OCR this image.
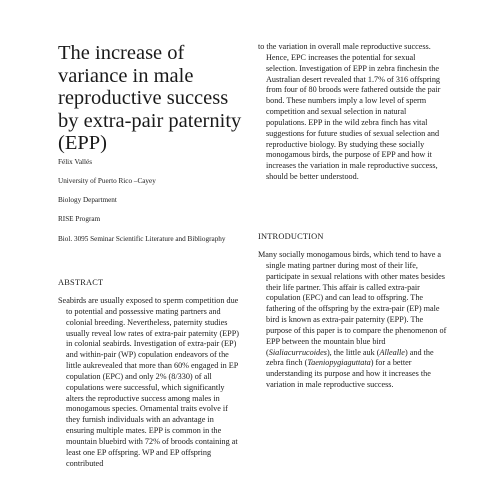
The increase of variance in male reproductive success by extra-pair paternity (EPP)
Félix Vallés
University of Puerto Rico –Cayey
Biology Department
RISE Program
Biol. 3095 Seminar Scientific Literature and Bibliography
ABSTRACT

Seabirds are usually exposed to sperm competition due to potential and possessive mating partners and colonial breeding. Nevertheless, paternity studies usually reveal low rates of extra-pair paternity (EPP) in colonial seabirds. Investigation of extra-pair (EP) and within-pair (WP) copulation endeavors of the little aukrevealed that more than 60% engaged in EP copulation (EPC) and only 2% (8/330) of all copulations were successful, which significantly alters the reproductive success among males in monogamous species. Ornamental traits evolve if they furnish individuals with an advantage in ensuring multiple mates. EPP is common in the mountain bluebird with 72% of broods containing at least one EP offspring. WP and EP offspring contributed

to the variation in overall male reproductive success. Hence, EPC increases the potential for sexual selection. Investigation of EPP in zebra finchesin the Australian desert revealed that 1.7% of 316 offspring from four of 80 broods were fathered outside the pair bond. These numbers imply a low level of sperm competition and sexual selection in natural populations. EPP in the wild zebra finch has vital suggestions for future studies of sexual selection and reproductive biology. By studying these socially monogamous birds, the purpose of EPP and how it increases the variation in male reproductive success, should be better understood.

INTRODUCTION

Many socially monogamous birds, which tend to have a single mating partner during most of their life, participate in sexual relations with other mates besides their life partner. This affair is called extra-pair copulation (EPC) and can lead to offspring. The fathering of the offspring by the extra-pair (EP) male bird is known as extra-pair paternity (EPP). The purpose of this paper is to compare the phenomenon of EPP between the mountain blue bird (Sialiacurrucoides), the little auk (Allealle) and the zebra finch (Taeniopygiaguttata) for a better understanding its purpose and how it increases the variation in male reproductive success.
